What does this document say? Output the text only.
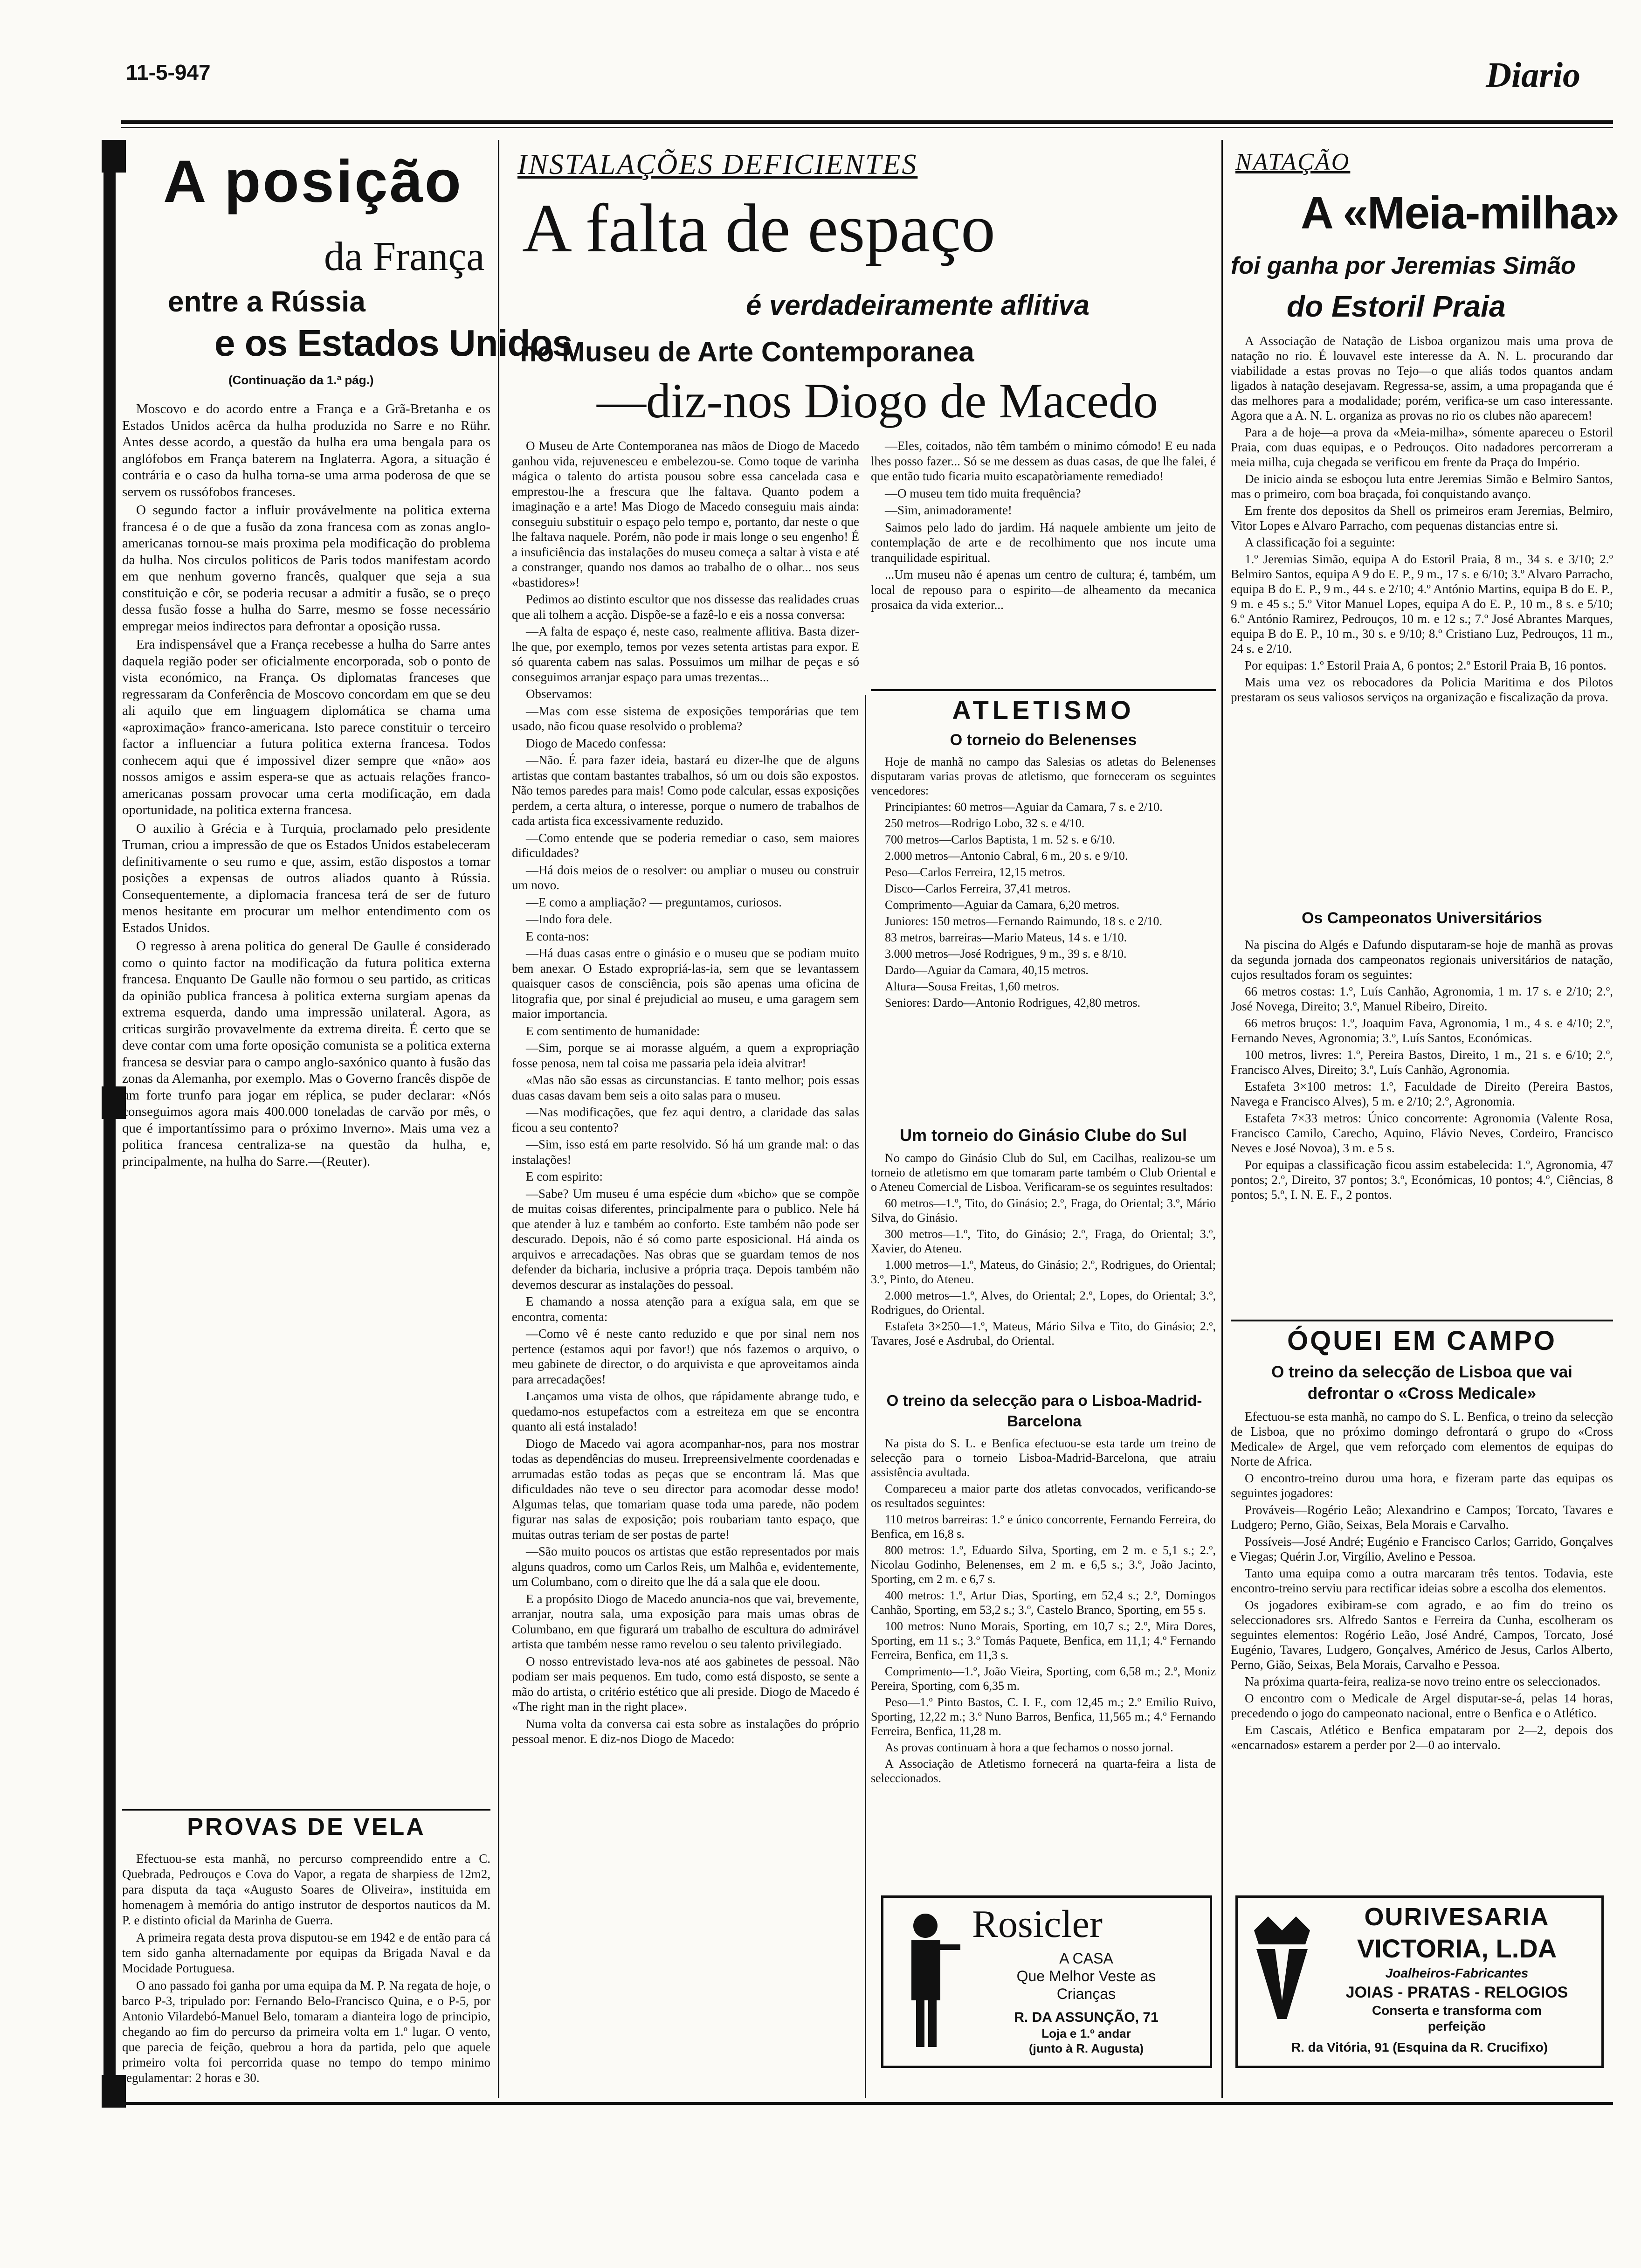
11-5-947	Diario
A posição
da França
entre a Rússia
e os Estados Unidos
(Continuação da 1.ª pág.)

Moscovo e do acordo entre a França e a Grã-Bretanha e os Estados Unidos acêrca da hulha produzida no Sarre e no Rühr. Antes desse acordo, a questão da hulha era uma bengala para os anglófobos em França baterem na Inglaterra. Agora, a situação é contrária e o caso da hulha torna-se uma arma poderosa de que se servem os russófobos franceses.

O segundo factor a influir provávelmente na politica externa francesa é o de que a fusão da zona francesa com as zonas anglo-americanas tornou-se mais proxima pela modificação do problema da hulha. Nos circulos politicos de Paris todos manifestam acordo em que nenhum governo francês, qualquer que seja a sua constituição e côr, se poderia recusar a admitir a fusão, se o preço dessa fusão fosse a hulha do Sarre, mesmo se fosse necessário empregar meios indirectos para defrontar a oposição russa.

Era indispensável que a França recebesse a hulha do Sarre antes daquela região poder ser oficialmente encorporada, sob o ponto de vista económico, na França. Os diplomatas franceses que regressaram da Conferência de Moscovo concordam em que se deu ali aquilo que em linguagem diplomática se chama uma «aproximação» franco-americana. Isto parece constituir o terceiro factor a influenciar a futura politica externa francesa. Todos conhecem aqui que é impossivel dizer sempre que «não» aos nossos amigos e assim espera-se que as actuais relações franco-americanas possam provocar uma certa modificação, em dada oportunidade, na politica externa francesa.

O auxilio à Grécia e à Turquia, proclamado pelo presidente Truman, criou a impressão de que os Estados Unidos estabeleceram definitivamente o seu rumo e que, assim, estão dispostos a tomar posições a expensas de outros aliados quanto à Rússia. Consequentemente, a diplomacia francesa terá de ser de futuro menos hesitante em procurar um melhor entendimento com os Estados Unidos.

O regresso à arena politica do general De Gaulle é considerado como o quinto factor na modificação da futura politica externa francesa. Enquanto De Gaulle não formou o seu partido, as criticas da opinião publica francesa à politica externa surgiam apenas da extrema esquerda, dando uma impressão unilateral. Agora, as criticas surgirão provavelmente da extrema direita. É certo que se deve contar com uma forte oposição comunista se a politica externa francesa se desviar para o campo anglo-saxónico quanto à fusão das zonas da Alemanha, por exemplo. Mas o Governo francês dispõe de um forte trunfo para jogar em réplica, se puder declarar: «Nós conseguimos agora mais 400.000 toneladas de carvão por mês, o que é importantíssimo para o próximo Inverno». Mais uma vez a politica francesa centraliza-se na questão da hulha, e, principalmente, na hulha do Sarre.—(Reuter).

PROVAS DE VELA

Efectuou-se esta manhã, no percurso compreendido entre a C. Quebrada, Pedrouços e Cova do Vapor, a regata de sharpiess de 12m2, para disputa da taça «Augusto Soares de Oliveira», instituida em homenagem à memória do antigo instrutor de desportos nauticos da M. P. e distinto oficial da Marinha de Guerra.

A primeira regata desta prova disputou-se em 1942 e de então para cá tem sido ganha alternadamente por equipas da Brigada Naval e da Mocidade Portuguesa.

O ano passado foi ganha por uma equipa da M. P. Na regata de hoje, o barco P-3, tripulado por: Fernando Belo-Francisco Quina, e o P-5, por Antonio Vilardebó-Manuel Belo, tomaram a dianteira logo de principio, chegando ao fim do percurso da primeira volta em 1.º lugar. O vento, que parecia de feição, quebrou a hora da partida, pelo que aquele primeiro volta foi percorrida quase no tempo do tempo minimo regulamentar: 2 horas e 30.

INSTALAÇÕES DEFICIENTES
A falta de espaço
é verdadeiramente aflitiva
no Museu de Arte Contemporanea
—diz-nos Diogo de Macedo

O Museu de Arte Contemporanea nas mãos de Diogo de Macedo ganhou vida, rejuvenesceu e embelezou-se. Como toque de varinha mágica o talento do artista pousou sobre essa cancelada casa e emprestou-lhe a frescura que lhe faltava. Quanto podem a imaginação e a arte! Mas Diogo de Macedo conseguiu mais ainda: conseguiu substituir o espaço pelo tempo e, portanto, dar neste o que lhe faltava naquele. Porém, não pode ir mais longe o seu engenho! É a insuficiência das instalações do museu começa a saltar à vista e até a constranger, quando nos damos ao trabalho de o olhar... nos seus «bastidores»!

Pedimos ao distinto escultor que nos dissesse das realidades cruas que ali tolhem a acção. Dispõe-se a fazê-lo e eis a nossa conversa:

—A falta de espaço é, neste caso, realmente aflitiva. Basta dizer-lhe que, por exemplo, temos por vezes setenta artistas para expor. E só quarenta cabem nas salas. Possuimos um milhar de peças e só conseguimos arranjar espaço para umas trezentas...

Observamos:

—Mas com esse sistema de exposições temporárias que tem usado, não ficou quase resolvido o problema?

Diogo de Macedo confessa:

—Não. É para fazer ideia, bastará eu dizer-lhe que de alguns artistas que contam bastantes trabalhos, só um ou dois são expostos. Não temos paredes para mais! Como pode calcular, essas exposições perdem, a certa altura, o interesse, porque o numero de trabalhos de cada artista fica excessivamente reduzido.

—Como entende que se poderia remediar o caso, sem maiores dificuldades?

—Há dois meios de o resolver: ou ampliar o museu ou construir um novo.

—E como a ampliação? — preguntamos, curiosos.

—Indo fora dele.

E conta-nos:

—Há duas casas entre o ginásio e o museu que se podiam muito bem anexar. O Estado expropriá-las-ia, sem que se levantassem quaisquer casos de consciência, pois são apenas uma oficina de litografia que, por sinal é prejudicial ao museu, e uma garagem sem maior importancia.

E com sentimento de humanidade:

—Sim, porque se ai morasse alguém, a quem a expropriação fosse penosa, nem tal coisa me passaria pela ideia alvitrar!

«Mas não são essas as circunstancias. E tanto melhor; pois essas duas casas davam bem seis a oito salas para o museu.

—Nas modificações, que fez aqui dentro, a claridade das salas ficou a seu contento?

—Sim, isso está em parte resolvido. Só há um grande mal: o das instalações!

E com espirito:

—Sabe? Um museu é uma espécie dum «bicho» que se compõe de muitas coisas diferentes, principalmente para o publico. Nele há que atender à luz e também ao conforto. Este também não pode ser descurado. Depois, não é só como parte esposicional. Há ainda os arquivos e arrecadações. Nas obras que se guardam temos de nos defender da bicharia, inclusive a própria traça. Depois também não devemos descurar as instalações do pessoal.

E chamando a nossa atenção para a exígua sala, em que se encontra, comenta:

—Como vê é neste canto reduzido e que por sinal nem nos pertence (estamos aqui por favor!) que nós fazemos o arquivo, o meu gabinete de director, o do arquivista e que aproveitamos ainda para arrecadações!

Lançamos uma vista de olhos, que rápidamente abrange tudo, e quedamo-nos estupefactos com a estreiteza em que se encontra quanto ali está instalado!

Diogo de Macedo vai agora acompanhar-nos, para nos mostrar todas as dependências do museu. Irrepreensivelmente coordenadas e arrumadas estão todas as peças que se encontram lá. Mas que dificuldades não teve o seu director para acomodar desse modo! Algumas telas, que tomariam quase toda uma parede, não podem figurar nas salas de exposição; pois roubariam tanto espaço, que muitas outras teriam de ser postas de parte!

—São muito poucos os artistas que estão representados por mais alguns quadros, como um Carlos Reis, um Malhôa e, evidentemente, um Columbano, com o direito que lhe dá a sala que ele doou.

E a propósito Diogo de Macedo anuncia-nos que vai, brevemente, arranjar, noutra sala, uma exposição para mais umas obras de Columbano, em que figurará um trabalho de escultura do admirável artista que também nesse ramo revelou o seu talento privilegiado.

O nosso entrevistado leva-nos até aos gabinetes de pessoal. Não podiam ser mais pequenos. Em tudo, como está disposto, se sente a mão do artista, o critério estético que ali preside. Diogo de Macedo é «The right man in the right place».

Numa volta da conversa cai esta sobre as instalações do próprio pessoal menor. E diz-nos Diogo de Macedo:

—Eles, coitados, não têm também o minimo cómodo! E eu nada lhes posso fazer... Só se me dessem as duas casas, de que lhe falei, é que então tudo ficaria muito escapatòriamente remediado!

—O museu tem tido muita frequência?

—Sim, animadoramente!

Saimos pelo lado do jardim. Há naquele ambiente um jeito de contemplação de arte e de recolhimento que nos incute uma tranquilidade espiritual.

...Um museu não é apenas um centro de cultura; é, também, um local de repouso para o espirito—de alheamento da mecanica prosaica da vida exterior...

ATLETISMO
O torneio do Belenenses

Hoje de manhã no campo das Salesias os atletas do Belenenses disputaram varias provas de atletismo, que forneceram os seguintes vencedores:

Principiantes: 60 metros—Aguiar da Camara, 7 s. e 2/10.

250 metros—Rodrigo Lobo, 32 s. e 4/10.

700 metros—Carlos Baptista, 1 m. 52 s. e 6/10.

2.000 metros—Antonio Cabral, 6 m., 20 s. e 9/10.

Peso—Carlos Ferreira, 12,15 metros.

Disco—Carlos Ferreira, 37,41 metros.

Comprimento—Aguiar da Camara, 6,20 metros.

Juniores: 150 metros—Fernando Raimundo, 18 s. e 2/10.

83 metros, barreiras—Mario Mateus, 14 s. e 1/10.

3.000 metros—José Rodrigues, 9 m., 39 s. e 8/10.

Dardo—Aguiar da Camara, 40,15 metros.

Altura—Sousa Freitas, 1,60 metros.

Seniores: Dardo—Antonio Rodrigues, 42,80 metros.

Um torneio do Ginásio Clube do Sul

No campo do Ginásio Club do Sul, em Cacilhas, realizou-se um torneio de atletismo em que tomaram parte também o Club Oriental e o Ateneu Comercial de Lisboa. Verificaram-se os seguintes resultados:

60 metros—1.º, Tito, do Ginásio; 2.º, Fraga, do Oriental; 3.º, Mário Silva, do Ginásio.

300 metros—1.º, Tito, do Ginásio; 2.º, Fraga, do Oriental; 3.º, Xavier, do Ateneu.

1.000 metros—1.º, Mateus, do Ginásio; 2.º, Rodrigues, do Oriental; 3.º, Pinto, do Ateneu.

2.000 metros—1.º, Alves, do Oriental; 2.º, Lopes, do Oriental; 3.º, Rodrigues, do Oriental.

Estafeta 3×250—1.º, Mateus, Mário Silva e Tito, do Ginásio; 2.º, Tavares, José e Asdrubal, do Oriental.

O treino da selecção para o Lisboa-Madrid-Barcelona

Na pista do S. L. e Benfica efectuou-se esta tarde um treino de selecção para o torneio Lisboa-Madrid-Barcelona, que atraiu assistência avultada.

Compareceu a maior parte dos atletas convocados, verificando-se os resultados seguintes:

110 metros barreiras: 1.º e único concorrente, Fernando Ferreira, do Benfica, em 16,8 s.

800 metros: 1.º, Eduardo Silva, Sporting, em 2 m. e 5,1 s.; 2.º, Nicolau Godinho, Belenenses, em 2 m. e 6,5 s.; 3.º, João Jacinto, Sporting, em 2 m. e 6,7 s.

400 metros: 1.º, Artur Dias, Sporting, em 52,4 s.; 2.º, Domingos Canhão, Sporting, em 53,2 s.; 3.º, Castelo Branco, Sporting, em 55 s.

100 metros: Nuno Morais, Sporting, em 10,7 s.; 2.º, Mira Dores, Sporting, em 11 s.; 3.º Tomás Paquete, Benfica, em 11,1; 4.º Fernando Ferreira, Benfica, em 11,3 s.

Comprimento—1.º, João Vieira, Sporting, com 6,58 m.; 2.º, Moniz Pereira, Sporting, com 6,35 m.

Peso—1.º Pinto Bastos, C. I. F., com 12,45 m.; 2.º Emilio Ruivo, Sporting, 12,22 m.; 3.º Nuno Barros, Benfica, 11,565 m.; 4.º Fernando Ferreira, Benfica, 11,28 m.

As provas continuam à hora a que fechamos o nosso jornal.

A Associação de Atletismo fornecerá na quarta-feira a lista de seleccionados.

Rosicler
A CASA
Que Melhor Veste as
Crianças
R. DA ASSUNÇÃO, 71
Loja e 1.º andar
(junto à R. Augusta)
NATAÇÃO
A «Meia-milha»
foi ganha por Jeremias Simão
do Estoril Praia

A Associação de Natação de Lisboa organizou mais uma prova de natação no rio. É louvavel este interesse da A. N. L. procurando dar viabilidade a estas provas no Tejo—o que aliás todos quantos andam ligados à natação desejavam. Regressa-se, assim, a uma propaganda que é das melhores para a modalidade; porém, verifica-se um caso interessante. Agora que a A. N. L. organiza as provas no rio os clubes não aparecem!

Para a de hoje—a prova da «Meia-milha», sómente apareceu o Estoril Praia, com duas equipas, e o Pedrouços. Oito nadadores percorreram a meia milha, cuja chegada se verificou em frente da Praça do Império.

De inicio ainda se esboçou luta entre Jeremias Simão e Belmiro Santos, mas o primeiro, com boa braçada, foi conquistando avanço.

Em frente dos depositos da Shell os primeiros eram Jeremias, Belmiro, Vitor Lopes e Alvaro Parracho, com pequenas distancias entre si.

A classificação foi a seguinte:

1.º Jeremias Simão, equipa A do Estoril Praia, 8 m., 34 s. e 3/10; 2.º Belmiro Santos, equipa A 9 do E. P., 9 m., 17 s. e 6/10; 3.º Alvaro Parracho, equipa B do E. P., 9 m., 44 s. e 2/10; 4.º António Martins, equipa B do E. P., 9 m. e 45 s.; 5.º Vitor Manuel Lopes, equipa A do E. P., 10 m., 8 s. e 5/10; 6.º António Ramirez, Pedrouços, 10 m. e 12 s.; 7.º José Abrantes Marques, equipa B do E. P., 10 m., 30 s. e 9/10; 8.º Cristiano Luz, Pedrouços, 11 m., 24 s. e 2/10.

Por equipas: 1.º Estoril Praia A, 6 pontos; 2.º Estoril Praia B, 16 pontos.

Mais uma vez os rebocadores da Policia Maritima e dos Pilotos prestaram os seus valiosos serviços na organização e fiscalização da prova.

Os Campeonatos Universitários

Na piscina do Algés e Dafundo disputaram-se hoje de manhã as provas da segunda jornada dos campeonatos regionais universitários de natação, cujos resultados foram os seguintes:

66 metros costas: 1.º, Luís Canhão, Agronomia, 1 m. 17 s. e 2/10; 2.º, José Novega, Direito; 3.º, Manuel Ribeiro, Direito.

66 metros bruços: 1.º, Joaquim Fava, Agronomia, 1 m., 4 s. e 4/10; 2.º, Fernando Neves, Agronomia; 3.º, Luís Santos, Económicas.

100 metros, livres: 1.º, Pereira Bastos, Direito, 1 m., 21 s. e 6/10; 2.º, Francisco Alves, Direito; 3.º, Luís Canhão, Agronomia.

Estafeta 3×100 metros: 1.º, Faculdade de Direito (Pereira Bastos, Navega e Francisco Alves), 5 m. e 2/10; 2.º, Agronomia.

Estafeta 7×33 metros: Único concorrente: Agronomia (Valente Rosa, Francisco Camilo, Carecho, Aquino, Flávio Neves, Cordeiro, Francisco Neves e José Novoa), 3 m. e 5 s.

Por equipas a classificação ficou assim estabelecida: 1.º, Agronomia, 47 pontos; 2.º, Direito, 37 pontos; 3.º, Económicas, 10 pontos; 4.º, Ciências, 8 pontos; 5.º, I. N. E. F., 2 pontos.

ÓQUEI EM CAMPO
O treino da selecção de Lisboa que vai defrontar o «Cross Medicale»

Efectuou-se esta manhã, no campo do S. L. Benfica, o treino da selecção de Lisboa, que no próximo domingo defrontará o grupo do «Cross Medicale» de Argel, que vem reforçado com elementos de equipas do Norte de Africa.

O encontro-treino durou uma hora, e fizeram parte das equipas os seguintes jogadores:

Prováveis—Rogério Leão; Alexandrino e Campos; Torcato, Tavares e Ludgero; Perno, Gião, Seixas, Bela Morais e Carvalho.

Possíveis—José André; Eugénio e Francisco Carlos; Garrido, Gonçalves e Viegas; Quérin J.or, Virgílio, Avelino e Pessoa.

Tanto uma equipa como a outra marcaram três tentos. Todavia, este encontro-treino serviu para rectificar ideias sobre a escolha dos elementos.

Os jogadores exibiram-se com agrado, e ao fim do treino os seleccionadores srs. Alfredo Santos e Ferreira da Cunha, escolheram os seguintes elementos: Rogério Leão, José André, Campos, Torcato, José Eugénio, Tavares, Ludgero, Gonçalves, Américo de Jesus, Carlos Alberto, Perno, Gião, Seixas, Bela Morais, Carvalho e Pessoa.

Na próxima quarta-feira, realiza-se novo treino entre os seleccionados.

O encontro com o Medicale de Argel disputar-se-á, pelas 14 horas, precedendo o jogo do campeonato nacional, entre o Benfica e o Atlético.

Em Cascais, Atlético e Benfica empataram por 2—2, depois dos «encarnados» estarem a perder por 2—0 ao intervalo.

OURIVESARIA
VICTORIA, L.DA
Joalheiros-Fabricantes
JOIAS - PRATAS - RELOGIOS
Conserta e transforma com
perfeição
R. da Vitória, 91 (Esquina da R. Crucifixo)
